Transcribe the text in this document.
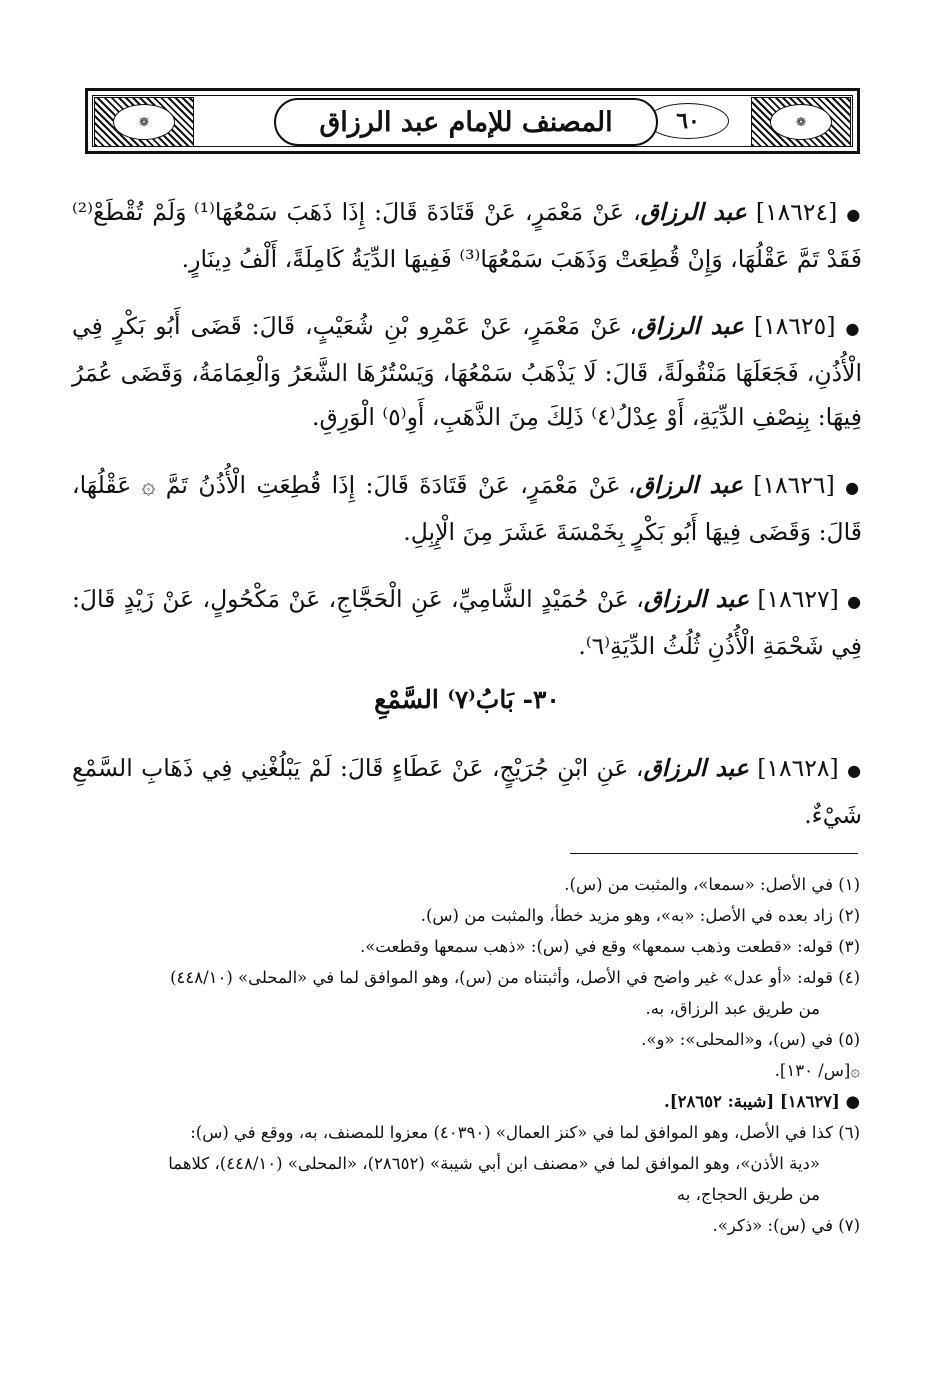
❁
❁	٦٠
المصنف للإمام عبد الرزاق

● [١٨٦٢٤] عبد الرزاق، عَنْ مَعْمَرٍ، عَنْ قَتَادَةَ قَالَ: إِذَا ذَهَبَ سَمْعُهَا⁽¹⁾ وَلَمْ تُقْطَعْ⁽²⁾ فَقَدْ تَمَّ عَقْلُهَا، وَإِنْ قُطِعَتْ وَذَهَبَ سَمْعُهَا⁽³⁾ فَفِيهَا الدِّيَةُ كَامِلَةً، أَلْفُ دِينَارٍ.

● [١٨٦٢٥] عبد الرزاق، عَنْ مَعْمَرٍ، عَنْ عَمْرِو بْنِ شُعَيْبٍ، قَالَ: قَضَى أَبُو بَكْرٍ فِي الْأُذُنِ، فَجَعَلَهَا مَنْقُولَةً، قَالَ: لَا يَذْهَبُ سَمْعُهَا، وَيَسْتُرُهَا الشَّعَرُ وَالْعِمَامَةُ، وَقَضَى عُمَرُ فِيهَا: بِنِصْفِ الدِّيَةِ، أَوْ عِدْلُ⁽٤⁾ ذَلِكَ مِنَ الذَّهَبِ، أَوِ⁽٥⁾ الْوَرِقِ.

● [١٨٦٢٦] عبد الرزاق، عَنْ مَعْمَرٍ، عَنْ قَتَادَةَ قَالَ: إِذَا قُطِعَتِ الْأُذُنُ تَمَّ ۞ عَقْلُهَا، قَالَ: وَقَضَى فِيهَا أَبُو بَكْرٍ بِخَمْسَةَ عَشَرَ مِنَ الْإِبِلِ.

● [١٨٦٢٧] عبد الرزاق، عَنْ حُمَيْدٍ الشَّامِيِّ، عَنِ الْحَجَّاجِ، عَنْ مَكْحُولٍ، عَنْ زَيْدٍ قَالَ: فِي شَحْمَةِ الْأُذُنِ ثُلُثُ الدِّيَةِ⁽٦⁾.

٣٠- بَابُ⁽٧⁾ السَّمْعِ

● [١٨٦٢٨] عبد الرزاق، عَنِ ابْنِ جُرَيْجٍ، عَنْ عَطَاءٍ قَالَ: لَمْ يَبْلُغْنِي فِي ذَهَابِ السَّمْعِ شَيْءٌ.

(١) في الأصل: «سمعا»، والمثبت من (س).
(٢) زاد بعده في الأصل: «به»، وهو مزيد خطأ، والمثبت من (س).
(٣) قوله: «قطعت وذهب سمعها» وقع في (س): «ذهب سمعها وقطعت».
(٤) قوله: «أو عدل» غير واضح في الأصل، وأثبتناه من (س)، وهو الموافق لما في «المحلى» (٤٤٨/١٠)
من طريق عبد الرزاق، به.
(٥) في (س)، و«المحلى»: «و».
۞[س/ ١٣٠].
● [١٨٦٢٧] [شيبة: ٢٨٦٥٢].
(٦) كذا في الأصل، وهو الموافق لما في «كنز العمال» (٤٠٣٩٠) معزوا للمصنف، به، ووقع في (س):
«دية الأذن»، وهو الموافق لما في «مصنف ابن أبي شيبة» (٢٨٦٥٢)، «المحلى» (٤٤٨/١٠)، كلاهما
من طريق الحجاج، به
(٧) في (س): «ذكر».
